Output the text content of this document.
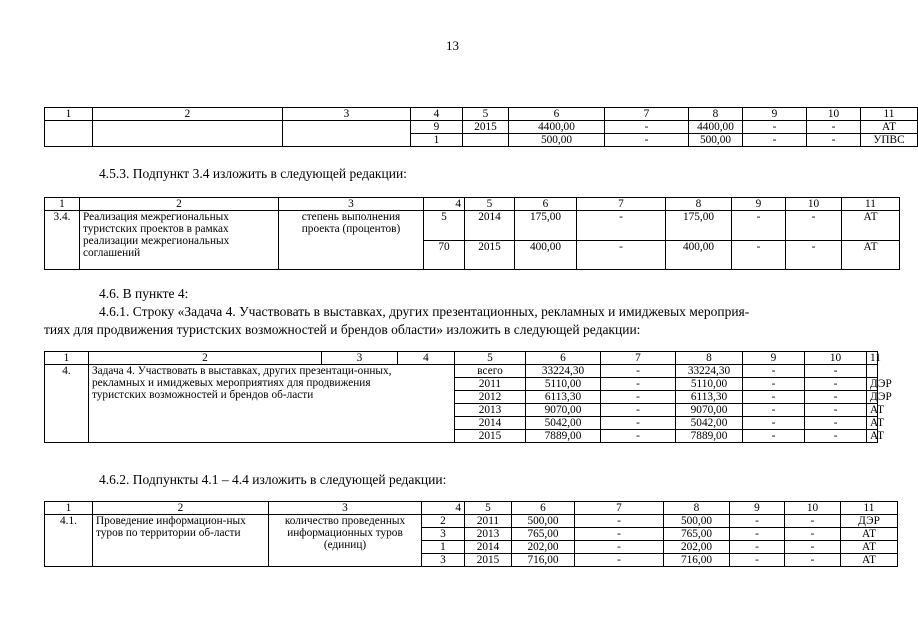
13
1	2	3	4	5	6	7	8	9	10	11
			9	2015	4400,00	-	4400,00	-	-	АТ
			1		500,00	-	500,00	-	-	УПВС
4.5.3. Подпункт 3.4 изложить в следующей редакции:
1	2	3	4	5	6	7	8	9	10	11
3.4.	Реализация межрегиональных туристских проектов в рамках реализации межрегиональных соглашений	степень выполнения проекта (процентов)	5	2014	175,00	-	175,00	-	-	АТ
			70	2015	400,00	-	400,00	-	-	АТ
4.6. В пункте 4:
4.6.1. Строку «Задача 4. Участвовать в выставках, других презентационных, рекламных и имиджевых мероприя-
тиях для продвижения туристских возможностей и брендов области» изложить в следующей редакции:
1	2	3	4	5	6	7	8	9	10	11
4.	Задача 4. Участвовать в выставках, других презентаци-онных, рекламных и имиджевых мероприятиях для продвижения туристских возможностей и брендов об-ласти	всего	33224,30	-	33224,30	-	-	
		2011	5110,00	-	5110,00	-	-	ДЭР
		2012	6113,30	-	6113,30	-	-	ДЭР
		2013	9070,00	-	9070,00	-	-	АТ
		2014	5042,00	-	5042,00	-	-	АТ
		2015	7889,00	-	7889,00	-	-	АТ
4.6.2. Подпункты 4.1 – 4.4 изложить в следующей редакции:
1	2	3	4	5	6	7	8	9	10	11
4.1.	Проведение информацион-ных туров по территории об-ласти	количество проведенных информационных туров (единиц)	2	2011	500,00	-	500,00	-	-	ДЭР
			3	2013	765,00	-	765,00	-	-	АТ
			1	2014	202,00	-	202,00	-	-	АТ
			3	2015	716,00	-	716,00	-	-	АТ
